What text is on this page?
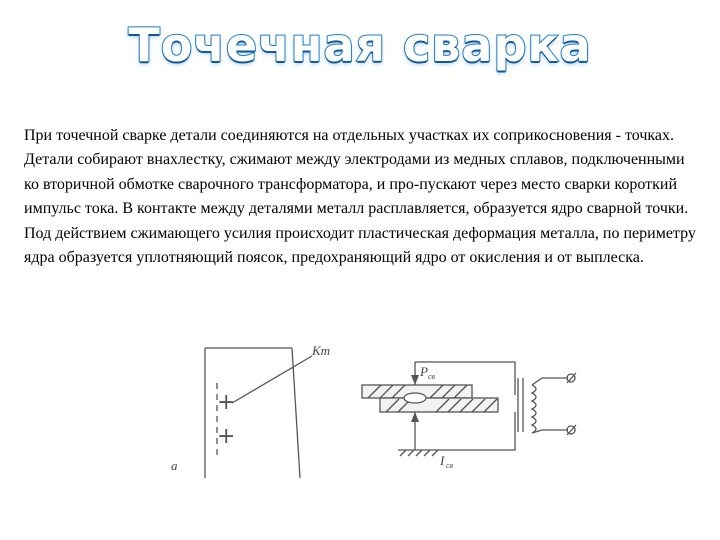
Точечная сварка

При точечной сварке детали соединяются на отдельных участках их соприкосновения - точках. Детали собирают внахлестку, сжимают между электродами из медных сплавов, подключенными ко вторичной обмотке сварочного трансформатора, и про-пускают через место сварки короткий импульс тока. В контакте между деталями металл расплавляется, образуется ядро сварной точки. Под действием сжимающего усилия происходит пластическая деформация металла, по периметру ядра образуется уплотняющий поясок, предохраняющий ядро от окисления и от выплеска.

+
+
Кт
a
P св
I св
